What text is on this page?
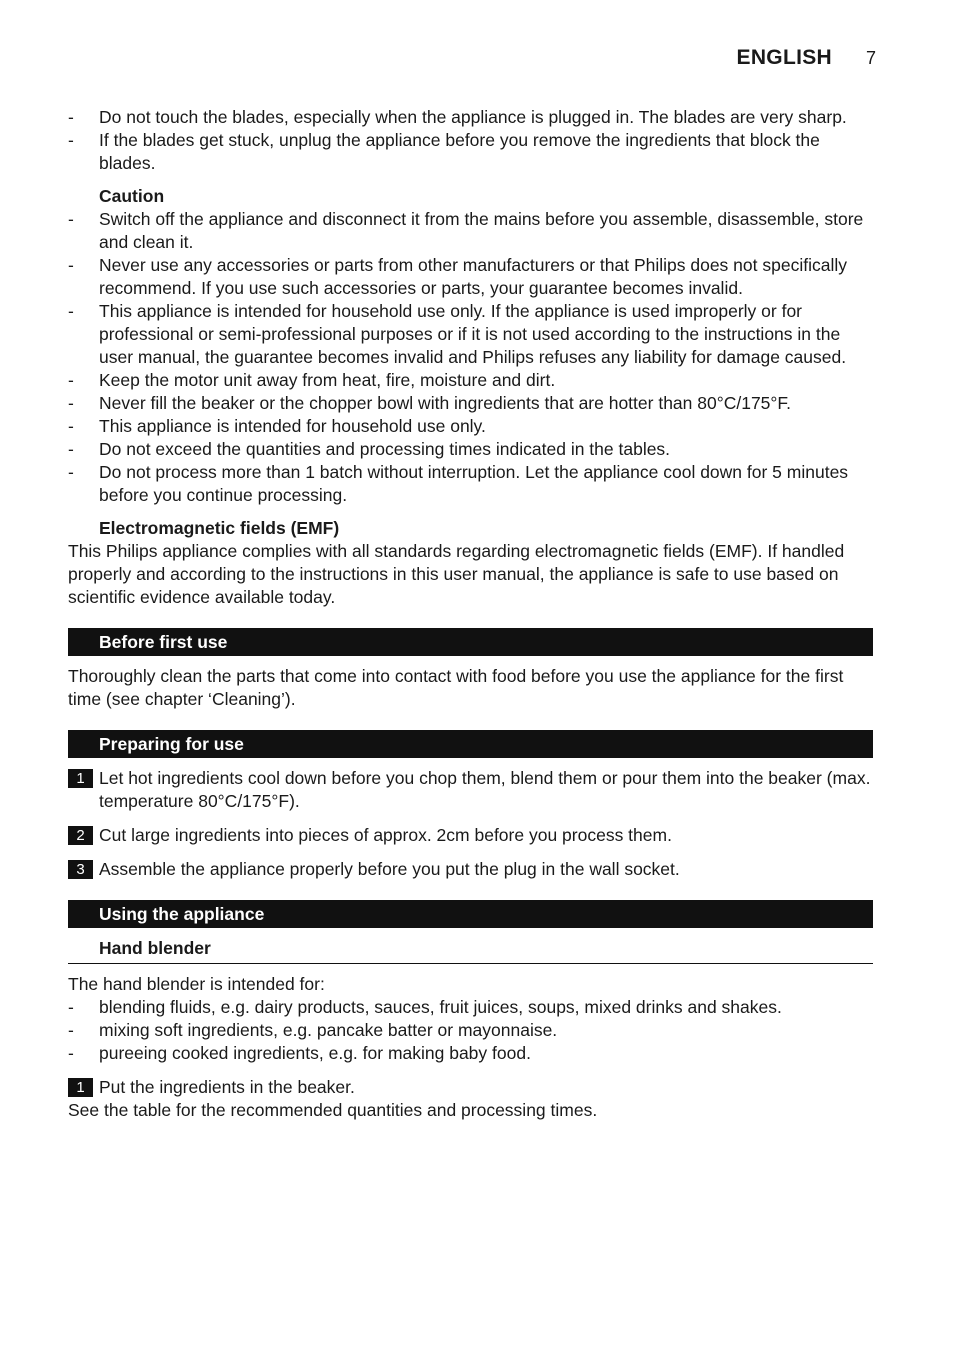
ENGLISH 7
- Do not touch the blades, especially when the appliance is plugged in. The blades are very sharp.
- If the blades get stuck, unplug the appliance before you remove the ingredients that block the blades.
Caution
- Switch off the appliance and disconnect it from the mains before you assemble, disassemble, store and clean it.
- Never use any accessories or parts from other manufacturers or that Philips does not specifically recommend. If you use such accessories or parts, your guarantee becomes invalid.
- This appliance is intended for household use only. If the appliance is used improperly or for professional or semi-professional purposes or if it is not used according to the instructions in the user manual, the guarantee becomes invalid and Philips refuses any liability for damage caused.
- Keep the motor unit away from heat, fire, moisture and dirt.
- Never fill the beaker or the chopper bowl with ingredients that are hotter than 80°C/175°F.
- This appliance is intended for household use only.
- Do not exceed the quantities and processing times indicated in the tables.
- Do not process more than 1 batch without interruption. Let the appliance cool down for 5 minutes before you continue processing.
Electromagnetic fields (EMF)
This Philips appliance complies with all standards regarding electromagnetic fields (EMF). If handled properly and according to the instructions in this user manual, the appliance is safe to use based on scientific evidence available today.
Before first use
Thoroughly clean the parts that come into contact with food before you use the appliance for the first time (see chapter ‘Cleaning’).
Preparing for use
1 Let hot ingredients cool down before you chop them, blend them or pour them into the beaker (max. temperature 80°C/175°F).
2 Cut large ingredients into pieces of approx. 2cm before you process them.
3 Assemble the appliance properly before you put the plug in the wall socket.
Using the appliance
Hand blender
The hand blender is intended for:
- blending fluids, e.g. dairy products, sauces, fruit juices, soups, mixed drinks and shakes.
- mixing soft ingredients, e.g. pancake batter or mayonnaise.
- pureeing cooked ingredients, e.g. for making baby food.
1 Put the ingredients in the beaker.
See the table for the recommended quantities and processing times.
